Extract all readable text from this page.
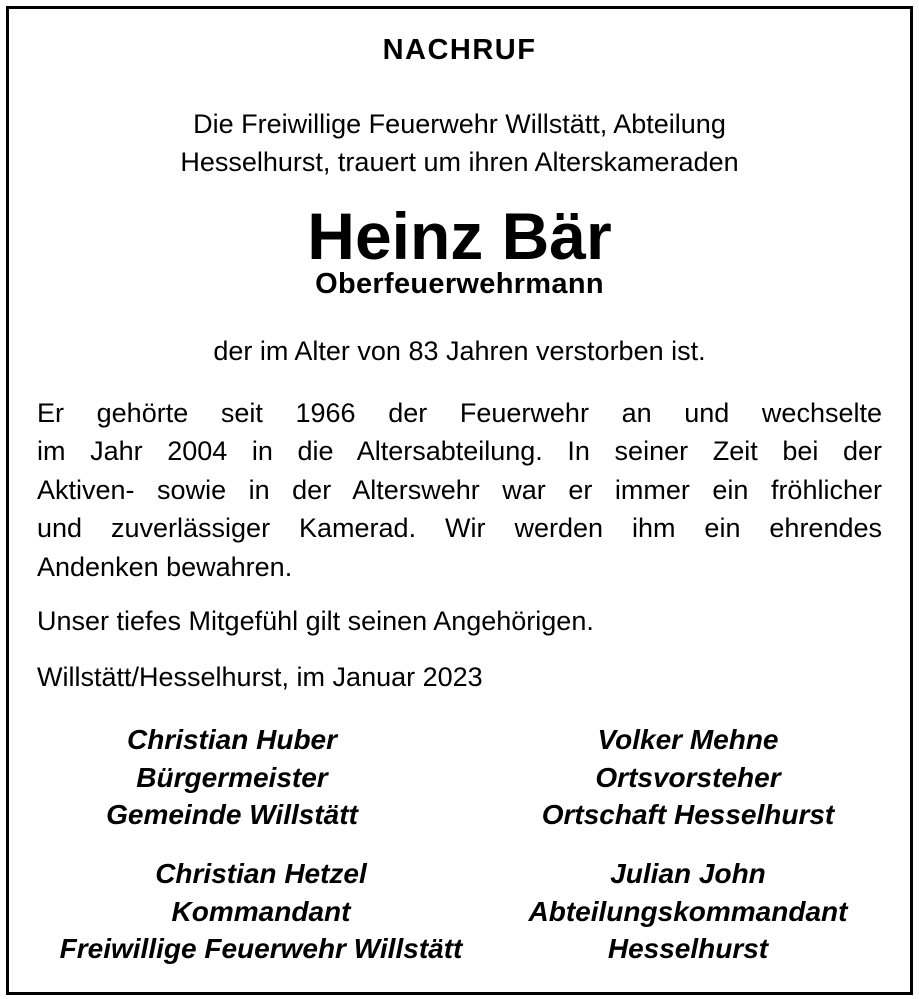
NACHRUF
Die Freiwillige Feuerwehr Willstätt, Abteilung
Hesselhurst, trauert um ihren Alterskameraden
Heinz Bär
Oberfeuerwehrmann
der im Alter von 83 Jahren verstorben ist.
Er gehörte seit 1966 der Feuerwehr an und wechselte
im Jahr 2004 in die Altersabteilung. In seiner Zeit bei der
Aktiven- sowie in der Alterswehr war er immer ein fröhlicher
und zuverlässiger Kamerad. Wir werden ihm ein ehrendes
Andenken bewahren.
Unser tiefes Mitgefühl gilt seinen Angehörigen.
Willstätt/Hesselhurst, im Januar 2023
Christian Huber
Bürgermeister
Gemeinde Willstätt
Volker Mehne
Ortsvorsteher
Ortschaft Hesselhurst
Christian Hetzel
Kommandant
Freiwillige Feuerwehr Willstätt
Julian John
Abteilungskommandant
Hesselhurst
